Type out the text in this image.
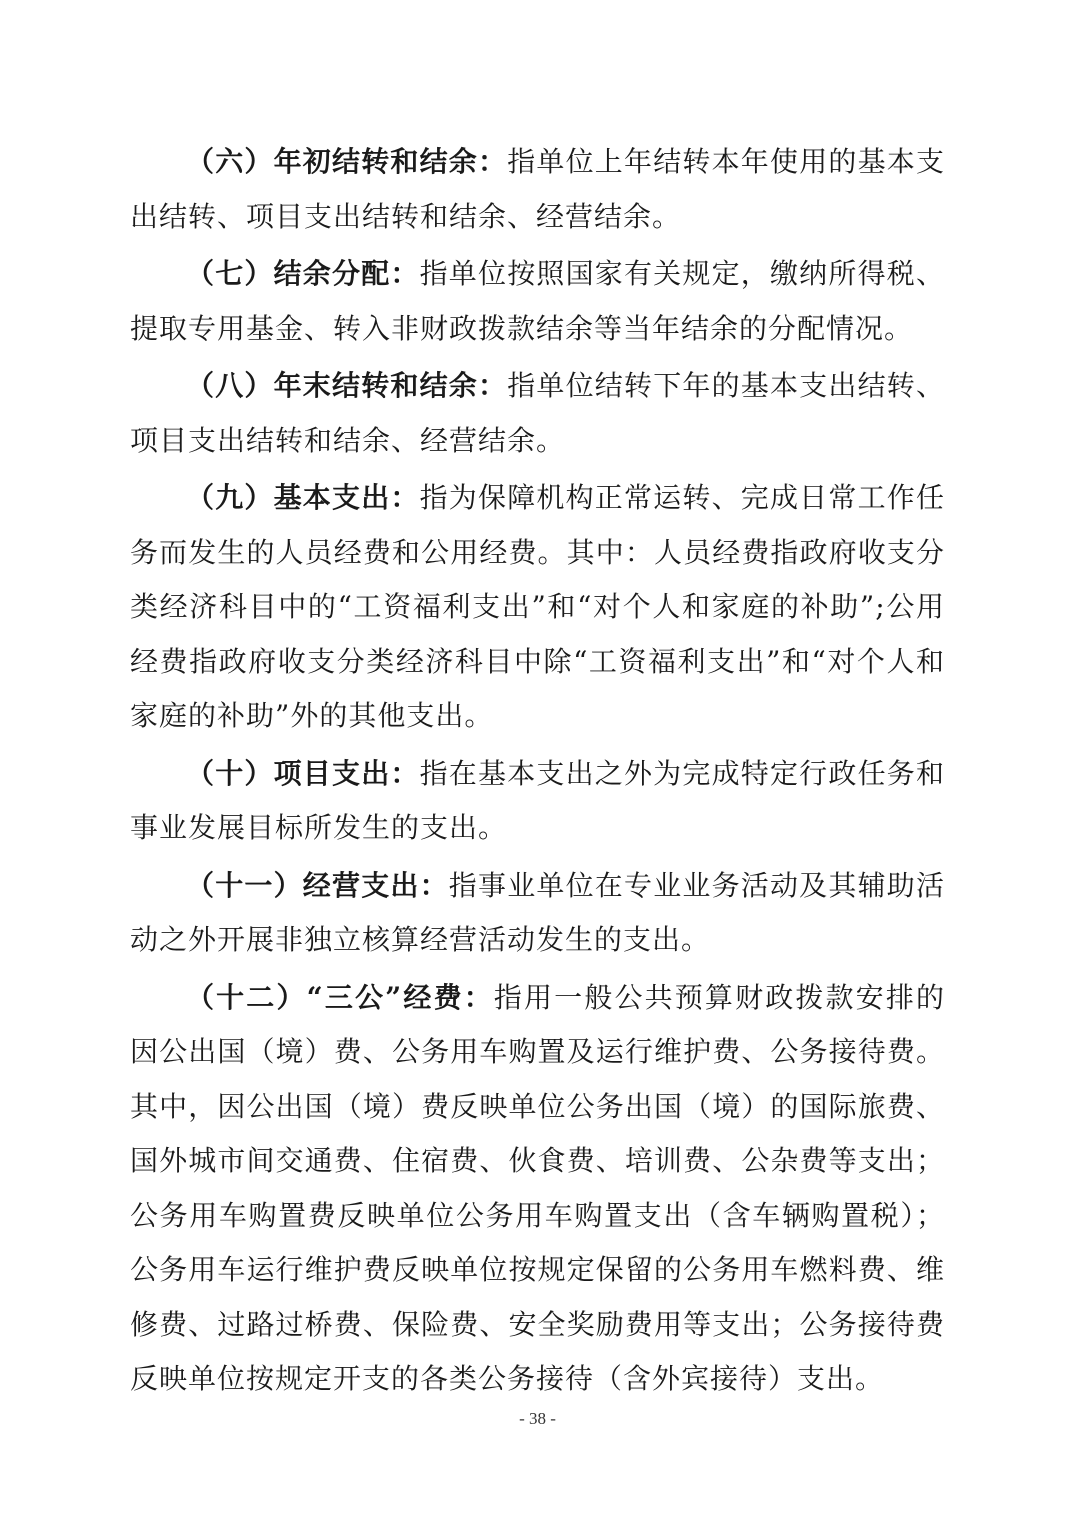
（六）年初结转和结余：指单位上年结转本年使用的基本支出结转、项目支出结转和结余、经营结余。

（七）结余分配：指单位按照国家有关规定，缴纳所得税、提取专用基金、转入非财政拨款结余等当年结余的分配情况。

（八）年末结转和结余：指单位结转下年的基本支出结转、项目支出结转和结余、经营结余。

（九）基本支出：指为保障机构正常运转、完成日常工作任务而发生的人员经费和公用经费。其中：人员经费指政府收支分类经济科目中的“工资福利支出”和“对个人和家庭的补助”;公用经费指政府收支分类经济科目中除“工资福利支出”和“对个人和家庭的补助”外的其他支出。

（十）项目支出：指在基本支出之外为完成特定行政任务和事业发展目标所发生的支出。

（十一）经营支出：指事业单位在专业业务活动及其辅助活动之外开展非独立核算经营活动发生的支出。

（十二）“三公”经费：指用一般公共预算财政拨款安排的因公出国（境）费、公务用车购置及运行维护费、公务接待费。其中，因公出国（境）费反映单位公务出国（境）的国际旅费、国外城市间交通费、住宿费、伙食费、培训费、公杂费等支出；公务用车购置费反映单位公务用车购置支出（含车辆购置税）；公务用车运行维护费反映单位按规定保留的公务用车燃料费、维修费、过路过桥费、保险费、安全奖励费用等支出；公务接待费反映单位按规定开支的各类公务接待（含外宾接待）支出。

- 38 -
